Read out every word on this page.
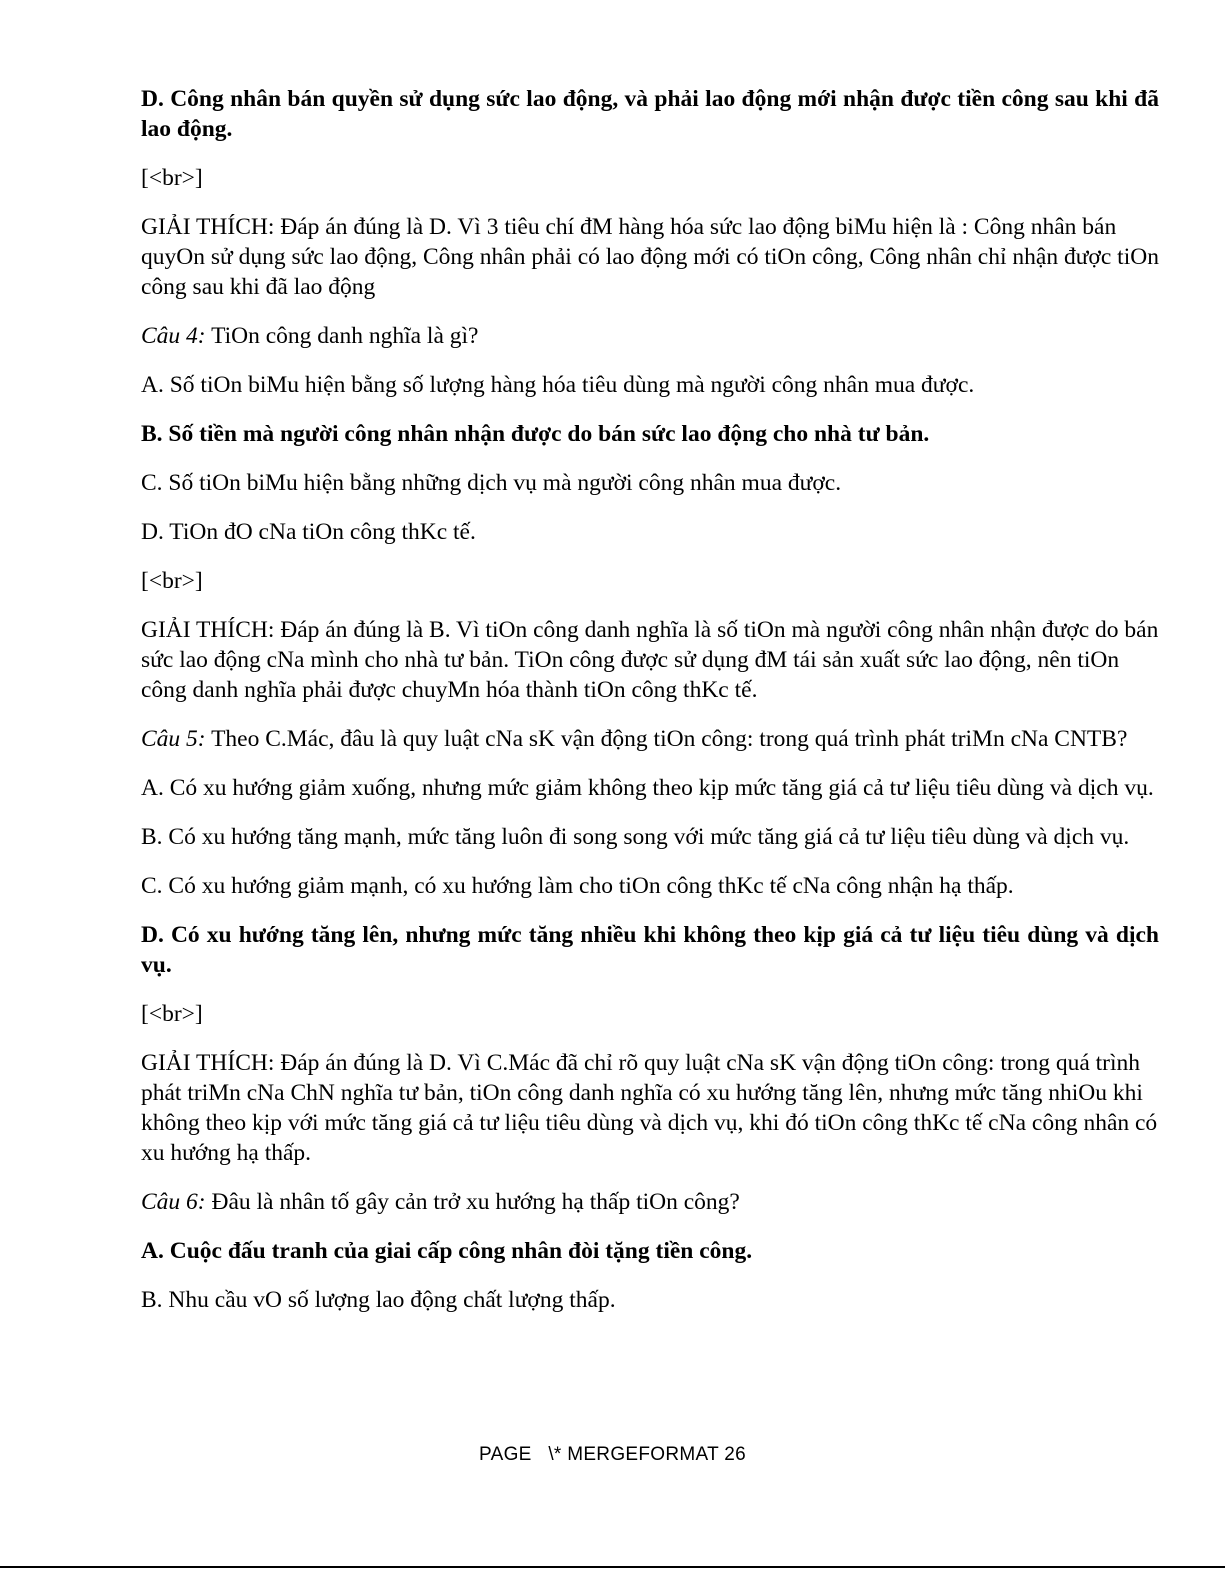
D. Công nhân bán quyền sử dụng sức lao động, và phải lao động mới nhận được tiền công sau khi đã lao động.

[<br>]

GIẢI THÍCH: Đáp án đúng là D. Vì 3 tiêu chí đM hàng hóa sức lao động biMu hiện là : Công nhân bán quyOn sử dụng sức lao động, Công nhân phải có lao động mới có tiOn công, Công nhân chỉ nhận được tiOn công sau khi đã lao động

Câu 4: TiOn công danh nghĩa là gì?

A. Số tiOn biMu hiện bằng số lượng hàng hóa tiêu dùng mà người công nhân mua được.

B. Số tiền mà người công nhân nhận được do bán sức lao động cho nhà tư bản.

C. Số tiOn biMu hiện bằng những dịch vụ mà người công nhân mua được.

D. TiOn đO cNa tiOn công thKc tế.

[<br>]

GIẢI THÍCH: Đáp án đúng là B. Vì tiOn công danh nghĩa là số tiOn mà người công nhân nhận được do bán sức lao động cNa mình cho nhà tư bản. TiOn công được sử dụng đM tái sản xuất sức lao động, nên tiOn công danh nghĩa phải được chuyMn hóa thành tiOn công thKc tế.

Câu 5: Theo C.Mác, đâu là quy luật cNa sK vận động tiOn công: trong quá trình phát triMn cNa CNTB?

A. Có xu hướng giảm xuống, nhưng mức giảm không theo kịp mức tăng giá cả tư liệu tiêu dùng và dịch vụ.

B. Có xu hướng tăng mạnh, mức tăng luôn đi song song với mức tăng giá cả tư liệu tiêu dùng và dịch vụ.

C. Có xu hướng giảm mạnh, có xu hướng làm cho tiOn công thKc tế cNa công nhận hạ thấp.

D. Có xu hướng tăng lên, nhưng mức tăng nhiều khi không theo kịp giá cả tư liệu tiêu dùng và dịch vụ.

[<br>]

GIẢI THÍCH: Đáp án đúng là D. Vì C.Mác đã chỉ rõ quy luật cNa sK vận động tiOn công: trong quá trình phát triMn cNa ChN nghĩa tư bản, tiOn công danh nghĩa có xu hướng tăng lên, nhưng mức tăng nhiOu khi không theo kịp với mức tăng giá cả tư liệu tiêu dùng và dịch vụ, khi đó tiOn công thKc tế cNa công nhân có xu hướng hạ thấp.

Câu 6: Đâu là nhân tố gây cản trở xu hướng hạ thấp tiOn công?

A. Cuộc đấu tranh của giai cấp công nhân đòi tặng tiền công.

B. Nhu cầu vO số lượng lao động chất lượng thấp.

PAGE   \* MERGEFORMAT 26
